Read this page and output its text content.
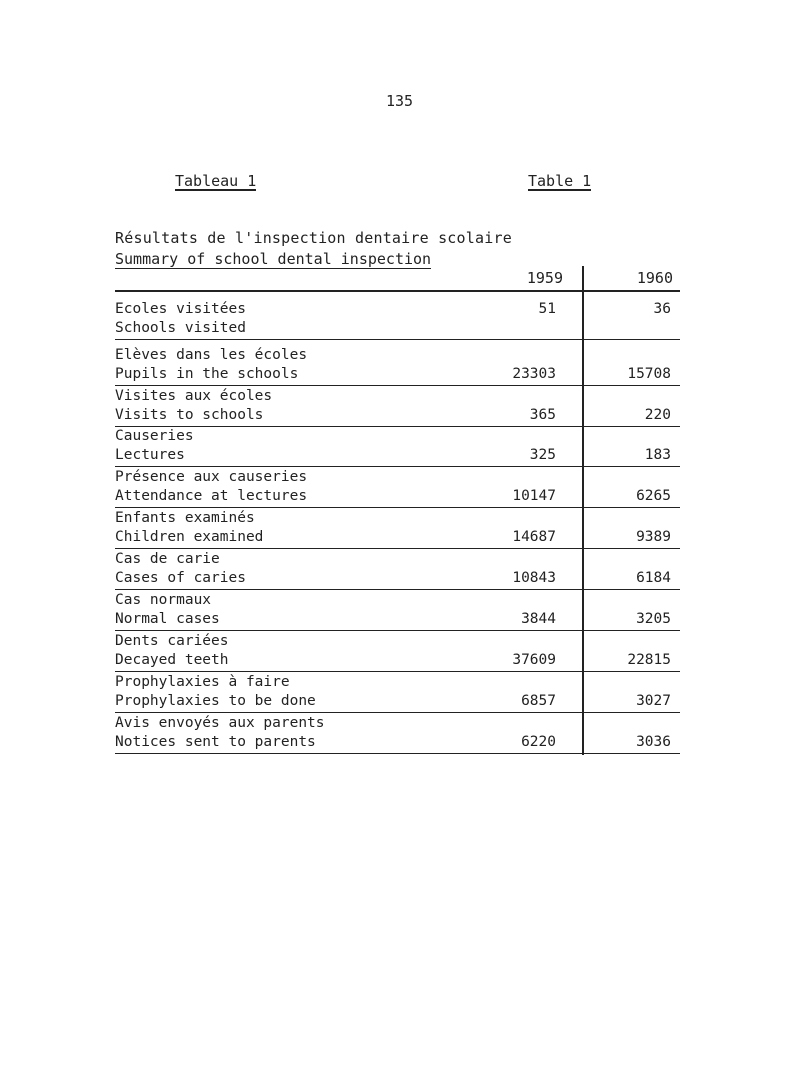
135
Tableau 1	Table 1
Résultats de l'inspection dentaire scolaire
Summary of school dental inspection
1959	1960
Ecoles visitées
Schools visited
51	36
Elèves dans les écoles
Pupils in the schools	23303	15708
Visites aux écoles
Visits to schools	365	220
Causeries
Lectures	325	183
Présence aux causeries
Attendance at lectures	10147	6265
Enfants examinés
Children examined	14687	9389
Cas de carie
Cases of caries	10843	6184
Cas normaux
Normal cases	3844	3205
Dents cariées
Decayed teeth	37609	22815
Prophylaxies à faire
Prophylaxies to be done	6857	3027
Avis envoyés aux parents
Notices sent to parents	6220	3036
